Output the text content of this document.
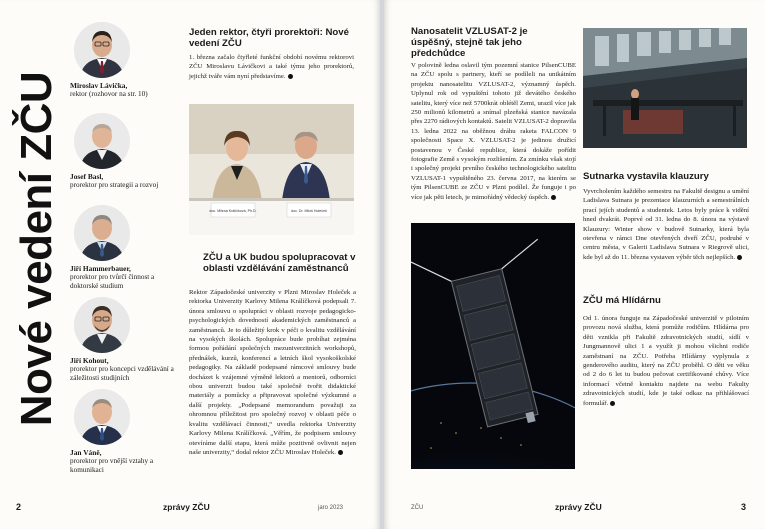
Nové vedení ZČU	Miroslav Lávička,
rektor (rozhovor na str. 10)
Josef Basl,
prorektor pro strategii a rozvoj
Jiří Hammerbauer,
prorektor pro tvůrčí činnost a doktorské studium
Jiří Kohout,
prorektor pro koncepci vzdělávání a záležitosti studijních
Jan Váně,
prorektor pro vnější vztahy a komunikaci
Jeden rektor, čtyři prorektoři: Nové vedení ZČU
1. března začalo čtyřleté funkční období novému rektorovi ZČU Miroslavu Lávičkovi a také týmu jeho prorektorů, jejichž tváře vám nyní představíme.
doc. Milena Králíčková, Ph.D.	doc. Dr. Miloš Holeček
ZČU a UK budou spolupracovat v oblasti vzdělávání zaměstnanců
Rektor Západočeské univerzity v Plzni Miroslav Holeček a rektorka Univerzity Karlovy Milena Králíčková podepsali 7. února smlouvu o spolupráci v oblasti rozvoje pedagogicko-psychologických dovedností akademických zaměstnanců a zaměstnanců. Je to důležitý krok v péči o kvalitu vzdělávání na vysokých školách. Spolupráce bude probíhat zejména formou pořádání společných mezuniverzitních workshopů, přednášek, kurzů, konferencí a letních škol vysokoškolské pedagogiky. Na základě podepsané rámcové smlouvy bude docházet k vzájemné výměně lektorů a mentorů, odborníci obou univerzit budou také společně tvořit didaktické materiály a pomůcky a připravovat společné výzkumné a další projekty. „Podepsané memorandum považuji za ohromnou příležitost pro společný rozvoj v oblasti péče o kvalitu vzdělávací činnosti,“ uvedla rektorka Univerzity Karlovy Milena Králíčková. „Věřím, že podpisem smlouvy otevíráme další etapu, která může pozitivně ovlivnit nejen naše univerzity,“ dodal rektor ZČU Miroslav Holeček.
2	zprávy ZČU	jaro 2023
Nanosatelit VZLUSAT-2 je úspěšný, stejně tak jeho předchůdce
V polovině ledna oslavil tým pozemní stanice PilsenCUBE na ZČU spolu s partnery, kteří se podíleli na unikátním projektu nanosatelitu VZLUSAT-2, významný úspěch. Uplynul rok od vypuštění tohoto již devátého českého satelitu, který více než 5700krát oblétěl Zemi, urazil více jak 250 milionů kilometrů a snímal plzeňská stanice navázala přes 2270 rádiových kontaktů. Satelit VZLUSAT-2 dopravila 13. ledna 2022 na oběžnou dráhu raketa FALCON 9 společnosti Space X. VZLUSAT-2 je jedinou družicí postavenou v České republice, která dokáže pořídit fotografie Země s vysokým rozlišením. Za zmínku však stojí i společný projekt prvního českého technologického satelitu VZLUSAT-1 vypuštěného 23. června 2017, na kterém se tým PilsenCUBE ze ZČU v Plzni podílel. Že funguje i po více jak pěti letech, je mimořádný vědecký úspěch.
Sutnarka vystavila klauzury
Vyvrcholením každého semestru na Fakultě designu a umění Ladislava Sutnara je prezentace klauzurních a semestrálních prací jejích studentů a studentek. Letos byly práce k vidění hned dvakrát. Poprvé od 31. ledna do 8. února na výstavě Klauzury: Winter show v budově Sutnarky, která byla otevřena v rámci Dne otevřených dveří ZČU, podruhé v centru města, v Galerii Ladislava Sutnara v Riegrově ulici, kde byl až do 11. března vystaven výběr těch nejlepších.
ZČU má Hlídárnu
Od 1. února funguje na Západočeské univerzitě v pilotním provozu nová služba, která pomůže rodičům. Hlídárna pro děti vznikla při Fakultě zdravotnických studií, sídlí v Jungmannově ulici 1 a využít ji mohou všichni rodiče zaměstnaní na ZČU. Potřeba Hlídárny vyplynula z genderového auditu, který na ZČU proběhl. O děti ve věku od 2 do 6 let tu budou pečovat certifikované chůvy. Více informací včetně kontaktu najdete na webu Fakulty zdravotnických studií, kde je také odkaz na přihlášovací formulář.
ZČU	zprávy ZČU	3
